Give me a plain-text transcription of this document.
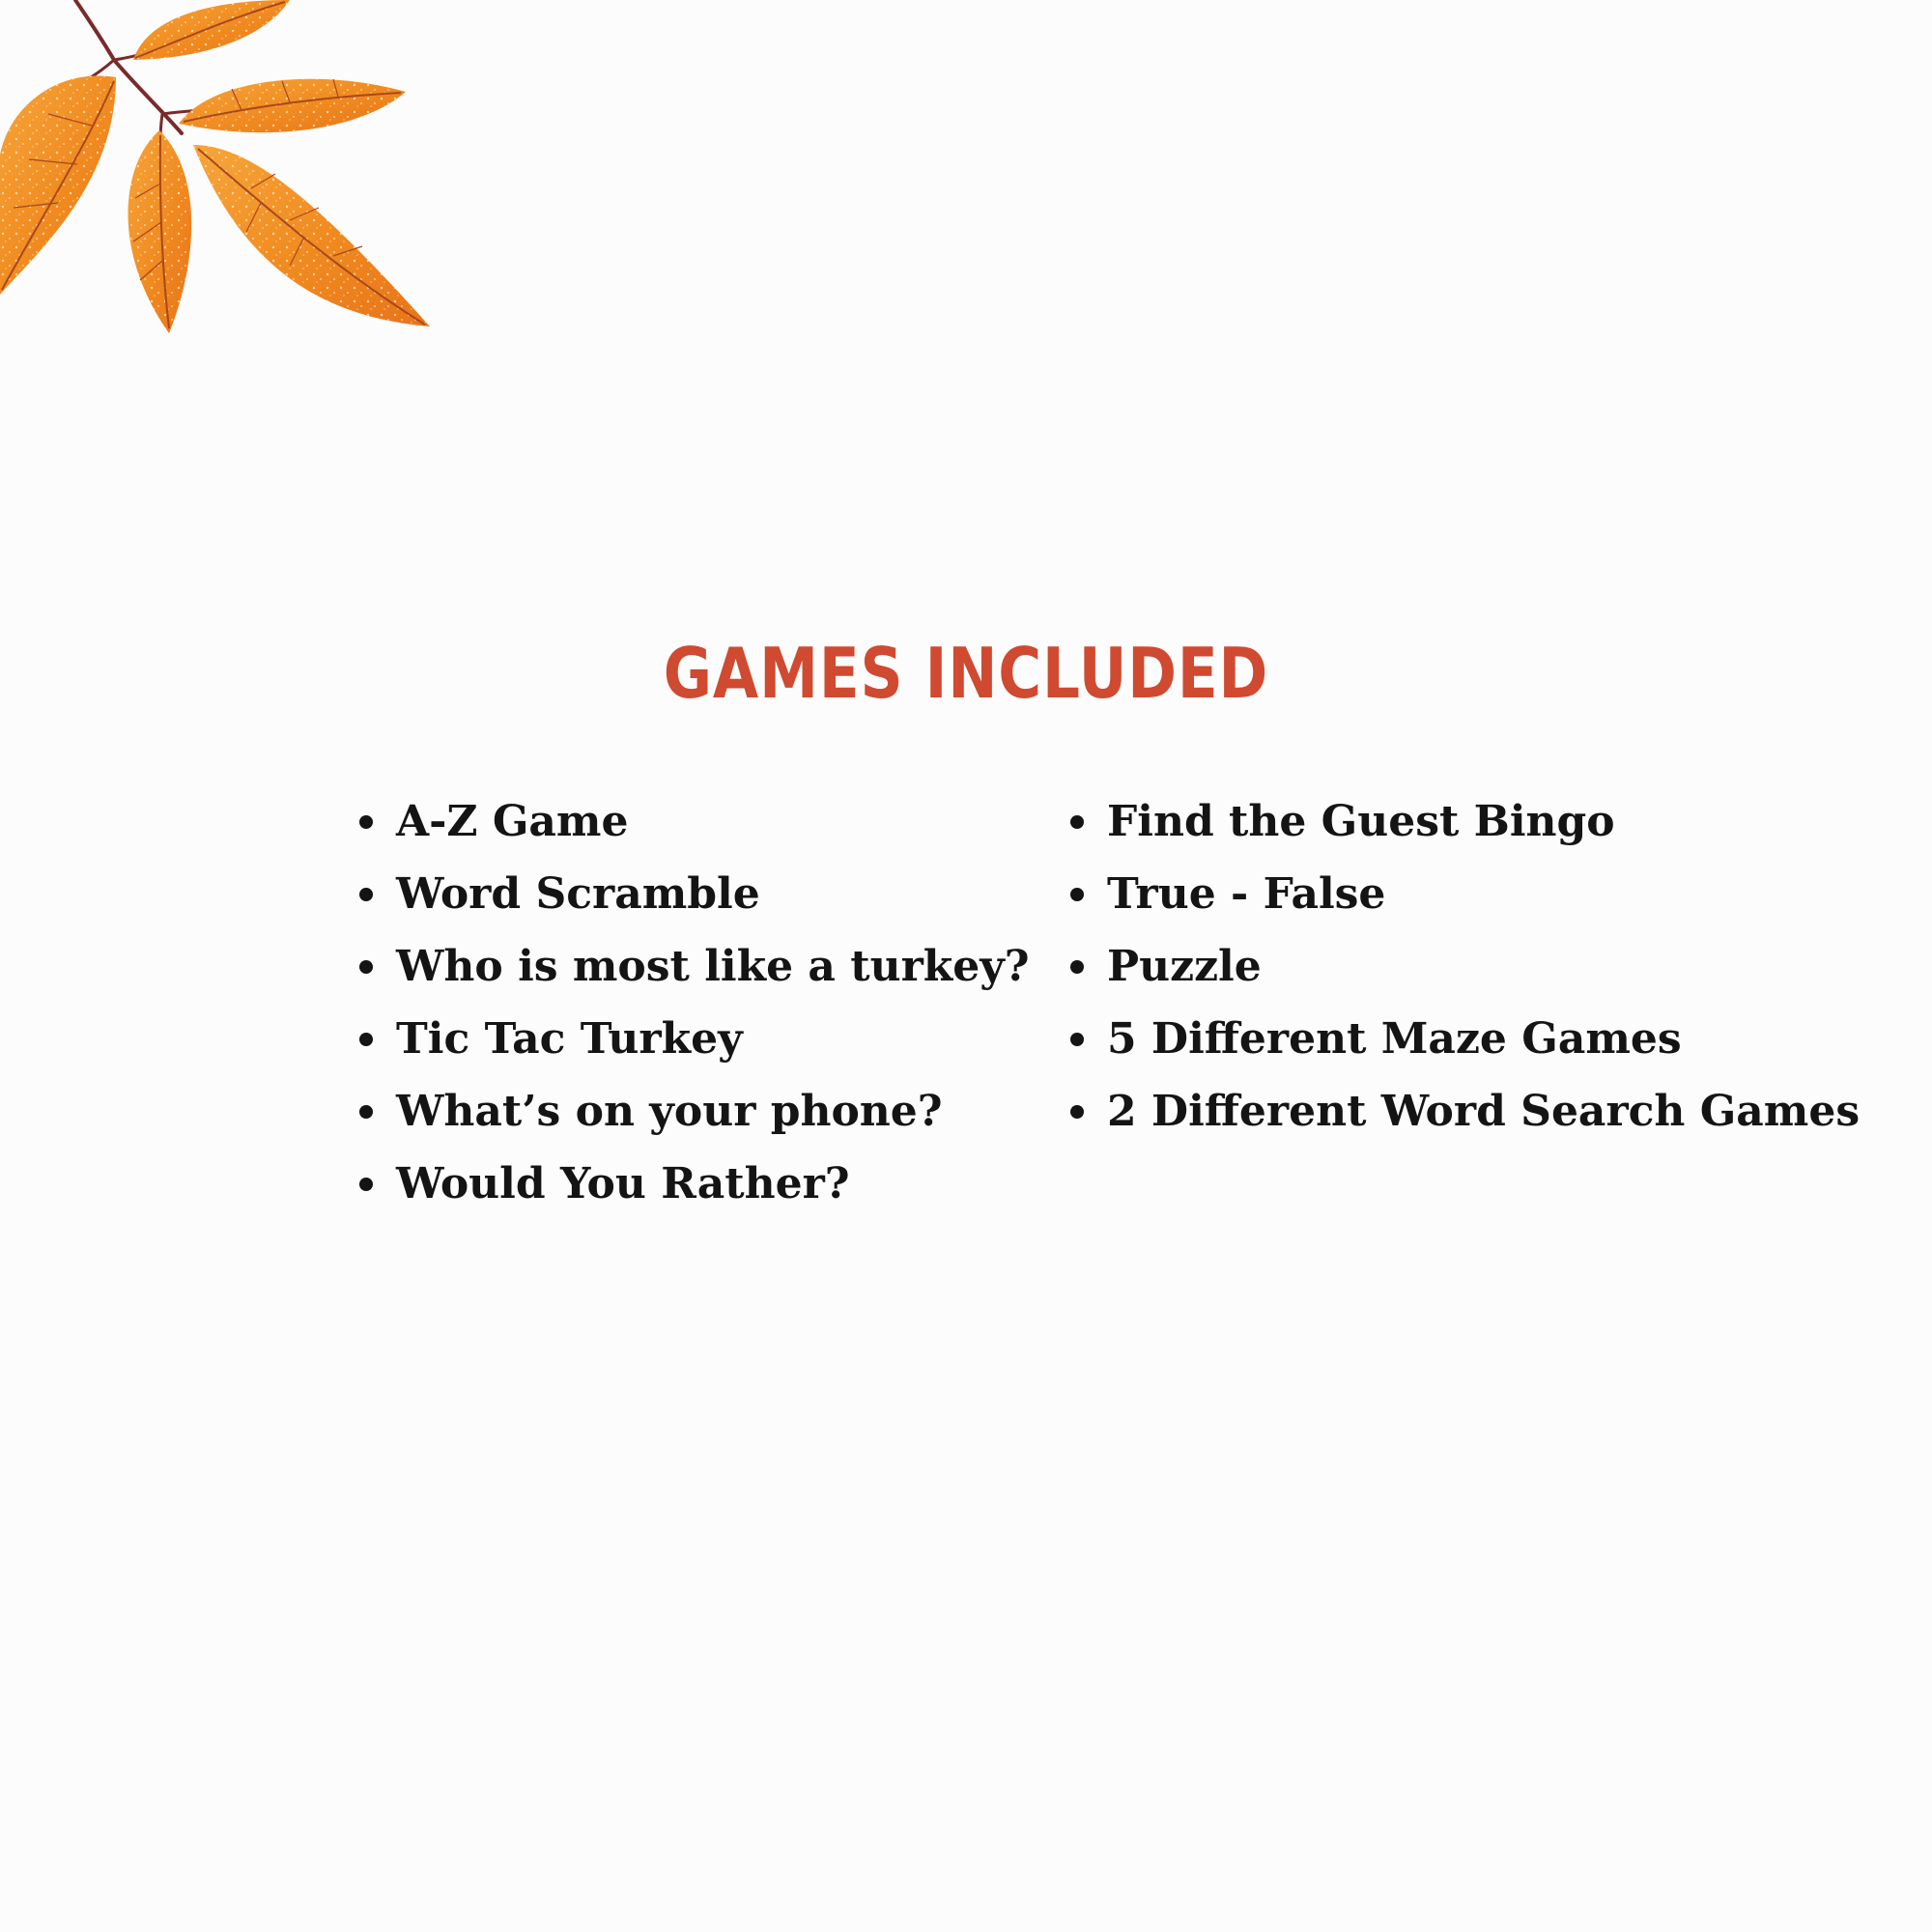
GAMES INCLUDED
A-Z Game
Word Scramble
Who is most like a turkey?
Tic Tac Turkey
What’s on your phone?
Would You Rather?
Find the Guest Bingo
True - False
Puzzle
5 Different Maze Games
2 Different Word Search Games
